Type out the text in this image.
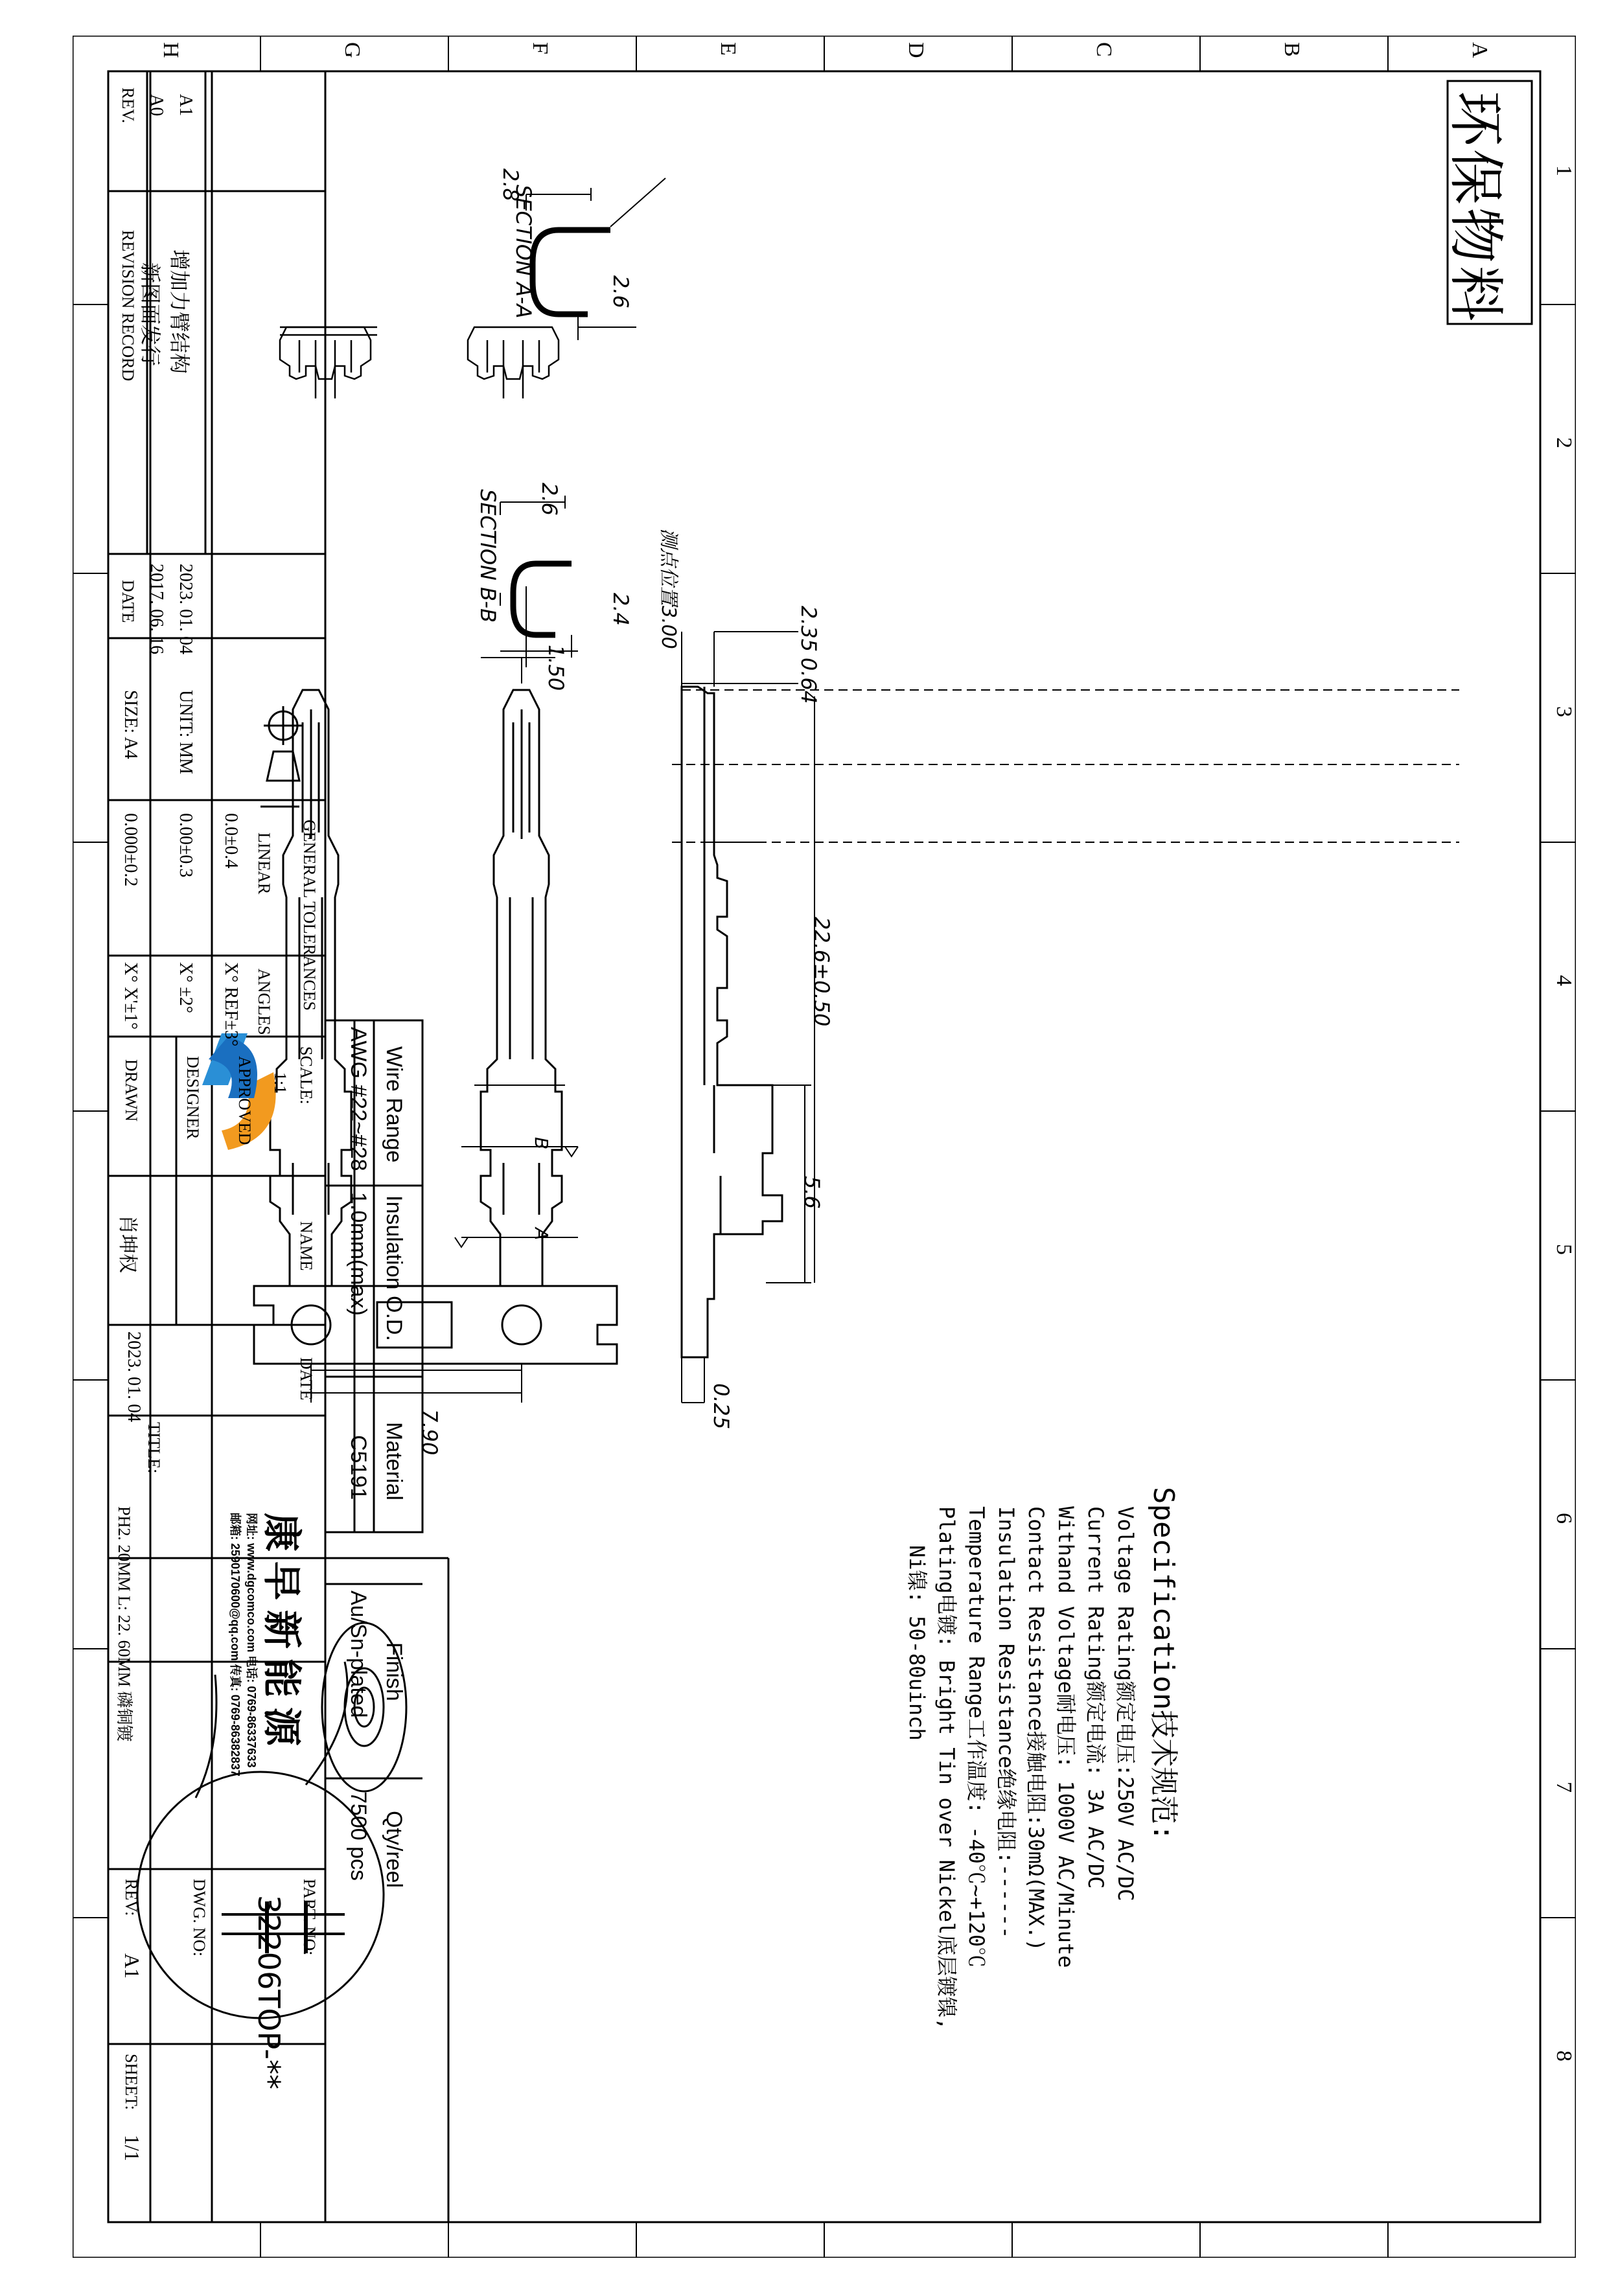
1
2
3
4
5
6
7
8
A
B
C
D
E
F
G
H
环保物料
SECTION A-A
2.8
2.6
SECTION B-B 2.6
2.4 测点位置3.00	2.35
0.64
22.6±0.50
5.6
0.25
1.50
7.90
B
A
Specification技术规范:
Voltage Rating额定电压:250V AC/DC
Current Rating额定电流: 3A AC/DC
Withand Voltage耐电压: 1000V AC/Minute
Contact Resistance接触电阻:30mΩ(MAX.)
Insulation Resistance绝缘电阻:------
Temperature Range工作温度: -40℃~+120℃
Plating电镀: Bright Tin over Nickel底层镀镍,
Ni镍: 50-80uinch
Wire Range
Insulation O.D.
Material
Finish
Qty/reel
AWG #22~#28
1.0mm(max)
C5191
Au/Sn-plated
7500 pcs
A1
A0
REV.
增加力臂结构
新图面发行
REVISION RECORD
2023. 01. 04
2017. 06. 16
DATE
GENERAL TOLERANCES
LINEAR
ANGLES
0.0±0.4
X° REF±3°
0.00±0.3
X° ±2°
0.000±0.2
X° X'±1°
UNIT: MM
SIZE: A4
SCALE:
1:1
NAME
DATE
APPROVED
DESIGNER
DRAWN
肖坤权
2023. 01. 04
TITLE:
康 早 新 能 源
网址: www.dgcomco.com 电话: 0769-86337633
邮箱: 2590170600@qq.com 传真: 0769-86382837
PH2. 20MM L: 22. 60MM 磷铜镀
PART. NO:
32206TOP-**
DWG. NO:
REV:
A1
SHEET:
1/1
